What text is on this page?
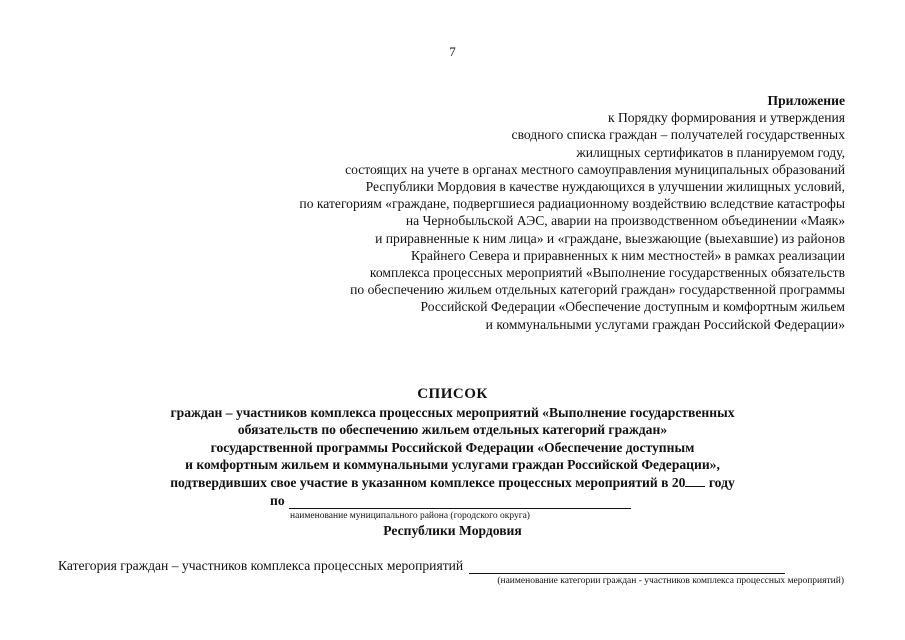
7
Приложение
к Порядку формирования и утверждения
сводного списка граждан – получателей государственных
жилищных сертификатов в планируемом году,
состоящих на учете в органах местного самоуправления муниципальных образований
Республики Мордовия в качестве нуждающихся в улучшении жилищных условий,
по категориям «граждане, подвергшиеся радиационному воздействию вследствие катастрофы
на Чернобыльской АЭС, аварии на производственном объединении «Маяк»
и приравненные к ним лица» и «граждане, выезжающие (выехавшие) из районов
Крайнего Севера и приравненных к ним местностей» в рамках реализации
комплекса процессных мероприятий «Выполнение государственных обязательств
по обеспечению жильем отдельных категорий граждан» государственной программы
Российской Федерации «Обеспечение доступным и комфортным жильем
и коммунальными услугами граждан Российской Федерации»
СПИСОК
граждан – участников комплекса процессных мероприятий «Выполнение государственных
обязательств по обеспечению жильем отдельных категорий граждан»
государственной программы Российской Федерации «Обеспечение доступным
и комфортным жильем и коммунальными услугами граждан Российской Федерации»,
подтвердивших свое участие в указанном комплексе процессных мероприятий в 20 году
по
наименование муниципального района (городского округа)
Республики Мордовия
Категория граждан – участников комплекса процессных мероприятий
(наименование категории граждан - участников комплекса процессных мероприятий)
